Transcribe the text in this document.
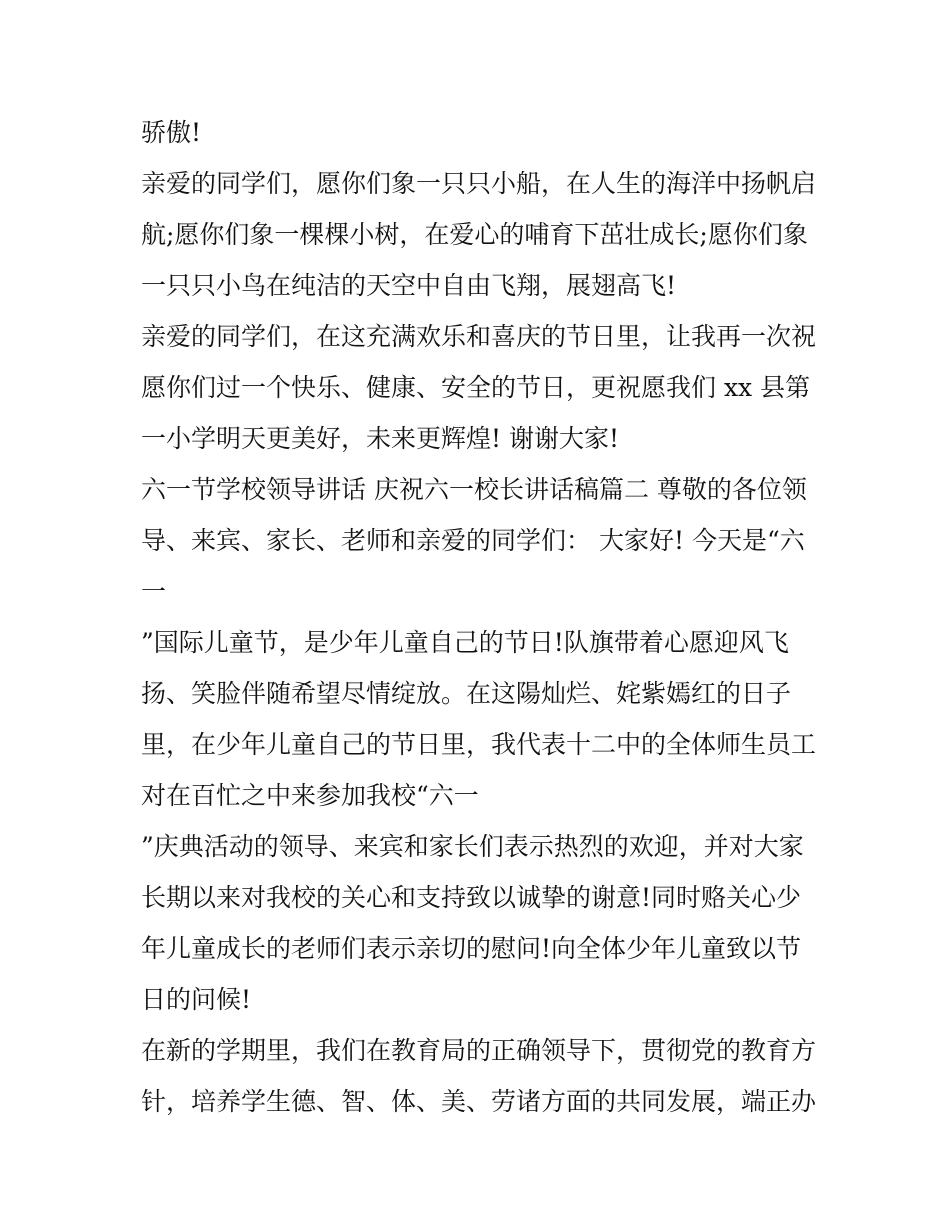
骄傲!
亲爱的同学们，愿你们象一只只小船，在人生的海洋中扬帆启
航;愿你们象一棵棵小树，在爱心的哺育下茁壮成长;愿你们象
一只只小鸟在纯洁的天空中自由飞翔，展翅高飞!
亲爱的同学们，在这充满欢乐和喜庆的节日里，让我再一次祝
愿你们过一个快乐、健康、安全的节日，更祝愿我们 xx 县第
一小学明天更美好，未来更辉煌! 谢谢大家!
六一节学校领导讲话 庆祝六一校长讲话稿篇二 尊敬的各位领
导、来宾、家长、老师和亲爱的同学们： 大家好! 今天是“六
一
”国际儿童节，是少年儿童自己的节日!队旗带着心愿迎风飞
扬、笑脸伴随希望尽情绽放。在这陽灿烂、姹紫嫣红的日子
里，在少年儿童自己的节日里，我代表十二中的全体师生员工
对在百忙之中来参加我校“六一
”庆典活动的领导、来宾和家长们表示热烈的欢迎，并对大家
长期以来对我校的关心和支持致以诚挚的谢意!同时赂关心少
年儿童成长的老师们表示亲切的慰问!向全体少年儿童致以节
日的问候!
在新的学期里，我们在教育局的正确领导下，贯彻党的教育方
针，培养学生德、智、体、美、劳诸方面的共同发展，端正办
